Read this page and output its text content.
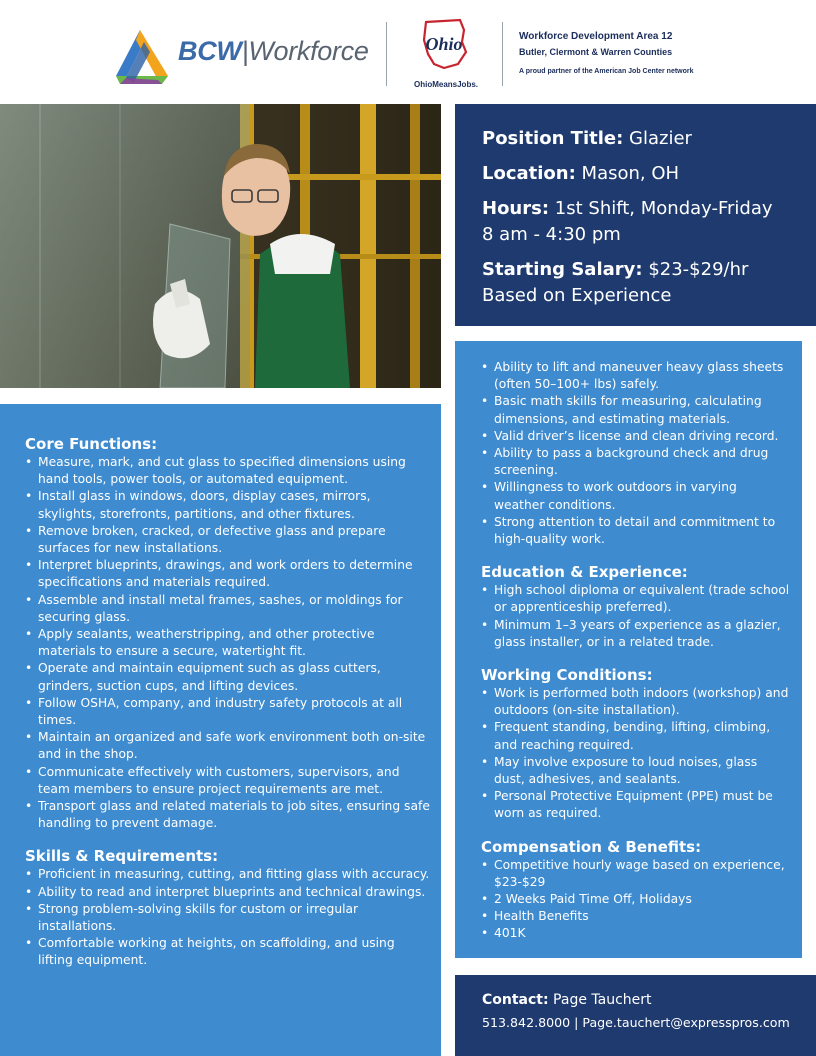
BCW|Workforce	Ohio
OhioMeansJobs.
Workforce Development Area 12
Butler, Clermont & Warren Counties
A proud partner of the American Job Center network
Position Title: Glazier
Location: Mason, OH
Hours: 1st Shift, Monday-Friday
8 am - 4:30 pm
Starting Salary: $23-$29/hr
Based on Experience
Core Functions:
• Measure, mark, and cut glass to specified dimensions using hand tools, power tools, or automated equipment.
• Install glass in windows, doors, display cases, mirrors, skylights, storefronts, partitions, and other fixtures.
• Remove broken, cracked, or defective glass and prepare surfaces for new installations.
• Interpret blueprints, drawings, and work orders to determine specifications and materials required.
• Assemble and install metal frames, sashes, or moldings for securing glass.
• Apply sealants, weatherstripping, and other protective materials to ensure a secure, watertight fit.
• Operate and maintain equipment such as glass cutters, grinders, suction cups, and lifting devices.
• Follow OSHA, company, and industry safety protocols at all times.
• Maintain an organized and safe work environment both on-site and in the shop.
• Communicate effectively with customers, supervisors, and team members to ensure project requirements are met.
• Transport glass and related materials to job sites, ensuring safe handling to prevent damage.
Skills & Requirements:
• Proficient in measuring, cutting, and fitting glass with accuracy.
• Ability to read and interpret blueprints and technical drawings.
• Strong problem-solving skills for custom or irregular installations.
• Comfortable working at heights, on scaffolding, and using lifting equipment.
• Ability to lift and maneuver heavy glass sheets (often 50–100+ lbs) safely.
• Basic math skills for measuring, calculating dimensions, and estimating materials.
• Valid driver’s license and clean driving record.
• Ability to pass a background check and drug screening.
• Willingness to work outdoors in varying weather conditions.
• Strong attention to detail and commitment to high-quality work.
Education & Experience:
• High school diploma or equivalent (trade school or apprenticeship preferred).
• Minimum 1–3 years of experience as a glazier, glass installer, or in a related trade.
Working Conditions:
• Work is performed both indoors (workshop) and outdoors (on-site installation).
• Frequent standing, bending, lifting, climbing, and reaching required.
• May involve exposure to loud noises, glass dust, adhesives, and sealants.
• Personal Protective Equipment (PPE) must be worn as required.
Compensation & Benefits:
• Competitive hourly wage based on experience, $23-$29
• 2 Weeks Paid Time Off, Holidays
• Health Benefits
• 401K
Contact: Page Tauchert
513.842.8000 | Page.tauchert@expresspros.com
